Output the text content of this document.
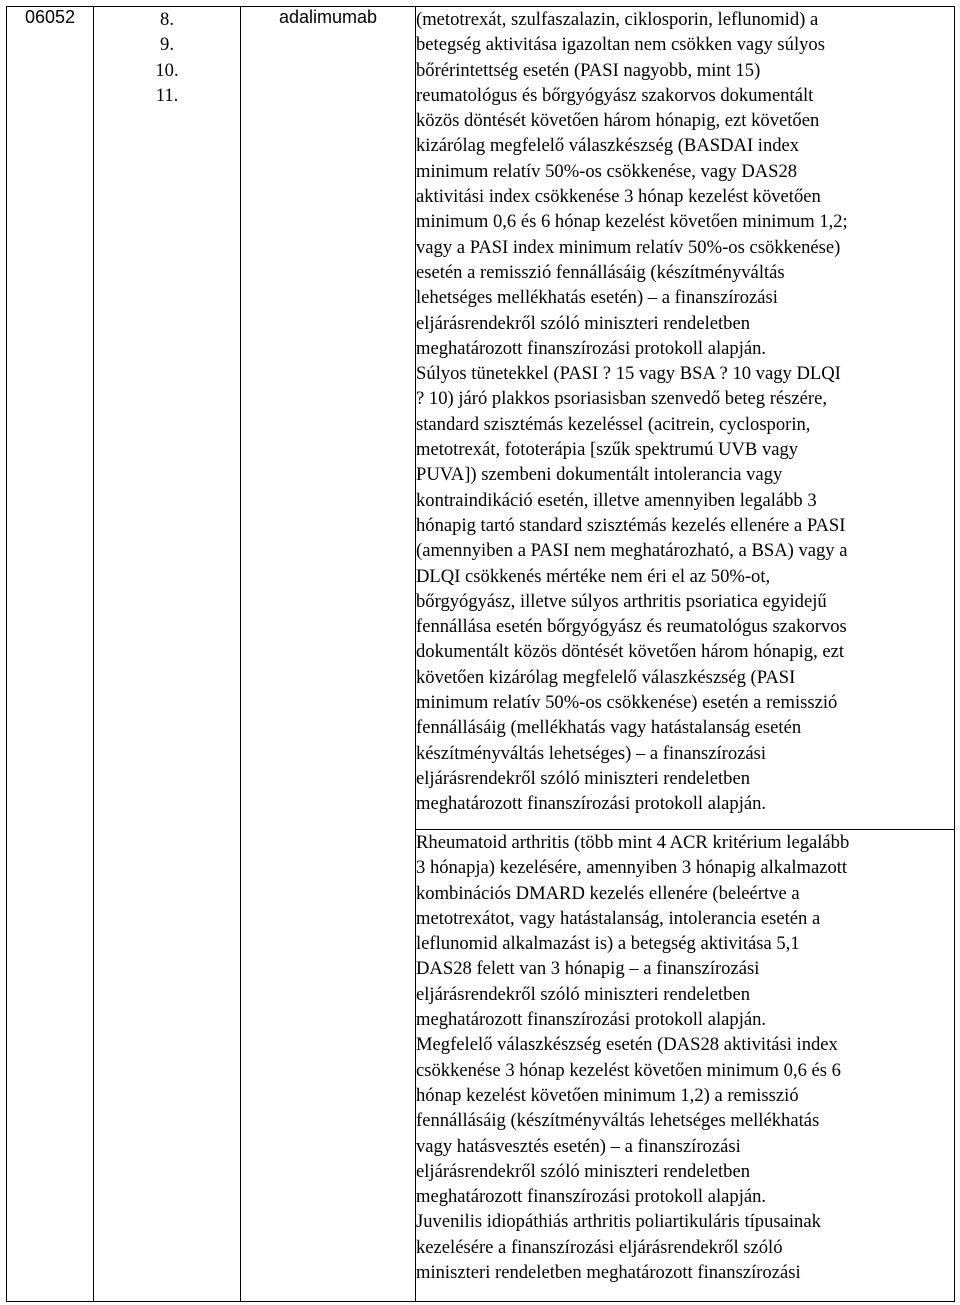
06052	8.
9.
10.
11.
	adalimumab	(metotrexát, szulfaszalazin, ciklosporin, leflunomid) a
betegség aktivitása igazoltan nem csökken vagy súlyos
bőrérintettség esetén (PASI nagyobb, mint 15)
reumatológus és bőrgyógyász szakorvos dokumentált
közös döntését követően három hónapig, ezt követően
kizárólag megfelelő válaszkészség (BASDAI index
minimum relatív 50%-os csökkenése, vagy DAS28
aktivitási index csökkenése 3 hónap kezelést követően
minimum 0,6 és 6 hónap kezelést követően minimum 1,2;
vagy a PASI index minimum relatív 50%-os csökkenése)
esetén a remisszió fennállásáig (készítményváltás
lehetséges mellékhatás esetén) – a finanszírozási
eljárásrendekről szóló miniszteri rendeletben
meghatározott finanszírozási protokoll alapján.
Súlyos tünetekkel (PASI ? 15 vagy BSA ? 10 vagy DLQI
? 10) járó plakkos psoriasisban szenvedő beteg részére,
standard szisztémás kezeléssel (acitrein, cyclosporin,
metotrexát, fototerápia [szűk spektrumú UVB vagy
PUVA]) szembeni dokumentált intolerancia vagy
kontraindikáció esetén, illetve amennyiben legalább 3
hónapig tartó standard szisztémás kezelés ellenére a PASI
(amennyiben a PASI nem meghatározható, a BSA) vagy a
DLQI csökkenés mértéke nem éri el az 50%-ot,
bőrgyógyász, illetve súlyos arthritis psoriatica egyidejű
fennállása esetén bőrgyógyász és reumatológus szakorvos
dokumentált közös döntését követően három hónapig, ezt
követően kizárólag megfelelő válaszkészség (PASI
minimum relatív 50%-os csökkenése) esetén a remisszió
fennállásáig (mellékhatás vagy hatástalanság esetén
készítményváltás lehetséges) – a finanszírozási
eljárásrendekről szóló miniszteri rendeletben
meghatározott finanszírozási protokoll alapján.

Rheumatoid arthritis (több mint 4 ACR kritérium legalább
3 hónapja) kezelésére, amennyiben 3 hónapig alkalmazott
kombinációs DMARD kezelés ellenére (beleértve a
metotrexátot, vagy hatástalanság, intolerancia esetén a
leflunomid alkalmazást is) a betegség aktivitása 5,1
DAS28 felett van 3 hónapig – a finanszírozási
eljárásrendekről szóló miniszteri rendeletben
meghatározott finanszírozási protokoll alapján.
Megfelelő válaszkészség esetén (DAS28 aktivitási index
csökkenése 3 hónap kezelést követően minimum 0,6 és 6
hónap kezelést követően minimum 1,2) a remisszió
fennállásáig (készítményváltás lehetséges mellékhatás
vagy hatásvesztés esetén) – a finanszírozási
eljárásrendekről szóló miniszteri rendeletben
meghatározott finanszírozási protokoll alapján.
Juvenilis idiopáthiás arthritis poliartikuláris típusainak
kezelésére a finanszírozási eljárásrendekről szóló
miniszteri rendeletben meghatározott finanszírozási
